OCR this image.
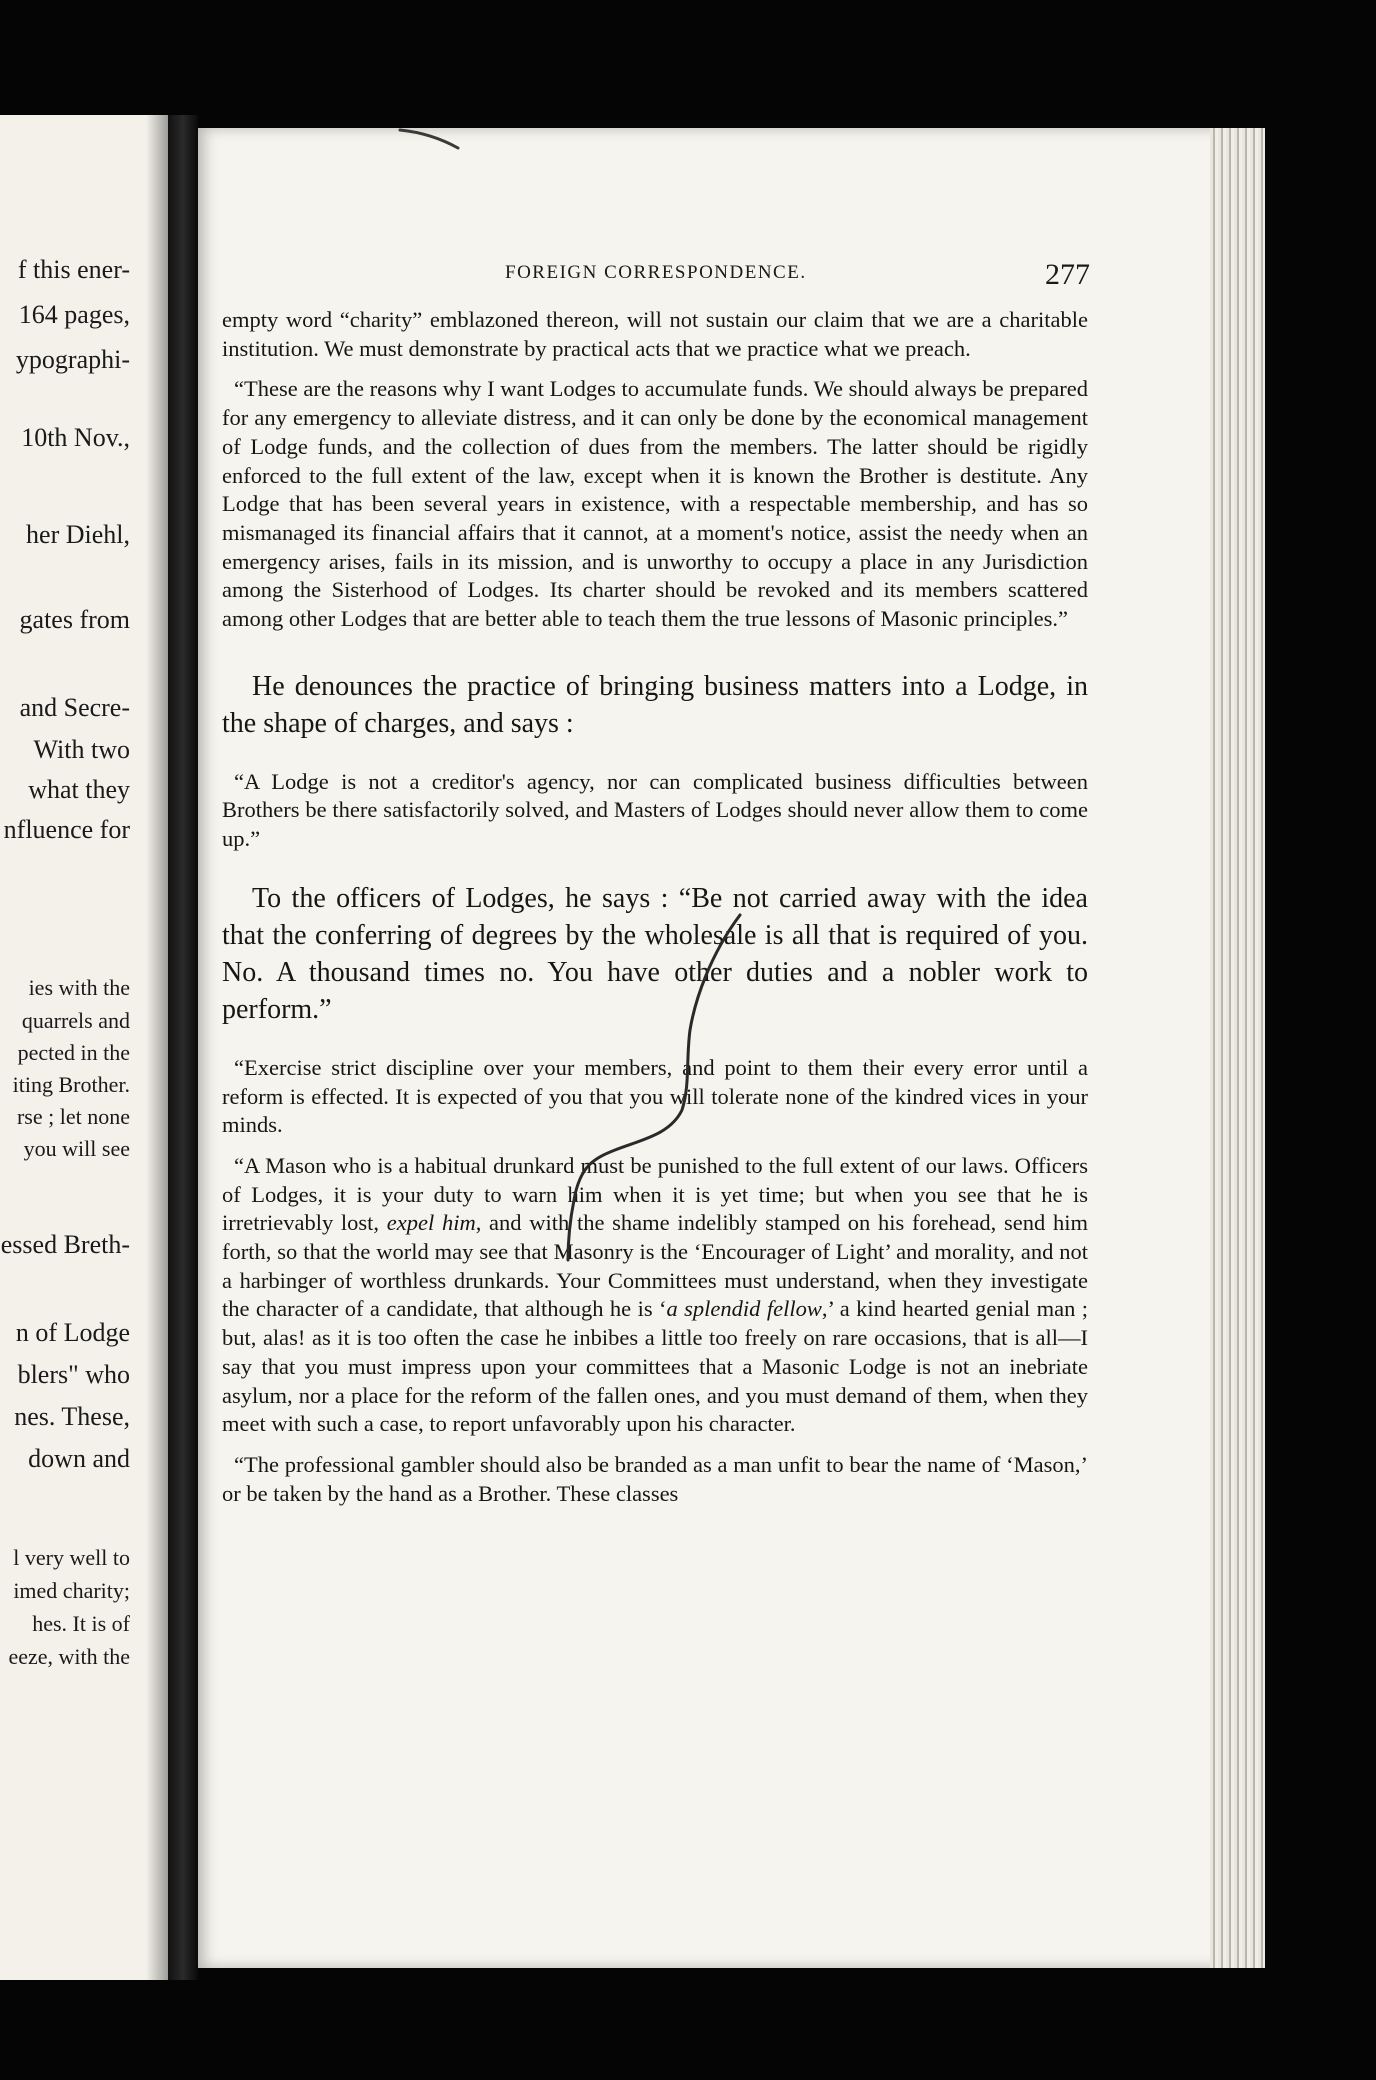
f this ener-
164 pages,
ypographi-
10th Nov.,
her Diehl,
gates from
and Secre-
With two
what they
nfluence for
ies with the
quarrels and
pected in the
iting Brother.
rse ; let none
you will see
essed Breth-
n of Lodge
blers" who
nes. These,
down and
l very well to
imed charity;
hes. It is of
eeze, with the
FOREIGN CORRESPONDENCE.	277

empty word “charity” emblazoned thereon, will not sustain our claim that we are a charitable institution. We must demonstrate by practical acts that we practice what we preach.

“These are the reasons why I want Lodges to accumulate funds. We should always be prepared for any emergency to alleviate distress, and it can only be done by the economical management of Lodge funds, and the collection of dues from the members. The latter should be rigidly enforced to the full extent of the law, except when it is known the Brother is destitute. Any Lodge that has been several years in existence, with a respectable membership, and has so mismanaged its financial affairs that it cannot, at a moment's notice, assist the needy when an emergency arises, fails in its mission, and is unworthy to occupy a place in any Jurisdiction among the Sisterhood of Lodges. Its charter should be revoked and its members scattered among other Lodges that are better able to teach them the true lessons of Masonic principles.”

He denounces the practice of bringing business matters into a Lodge, in the shape of charges, and says :

“A Lodge is not a creditor's agency, nor can complicated business difficulties between Brothers be there satisfactorily solved, and Masters of Lodges should never allow them to come up.”

To the officers of Lodges, he says : “Be not carried away with the idea that the conferring of degrees by the wholesale is all that is required of you. No. A thousand times no. You have other duties and a nobler work to perform.”

“Exercise strict discipline over your members, and point to them their every error until a reform is effected. It is expected of you that you will tolerate none of the kindred vices in your minds.

“A Mason who is a habitual drunkard must be punished to the full extent of our laws. Officers of Lodges, it is your duty to warn him when it is yet time; but when you see that he is irretrievably lost, expel him, and with the shame indelibly stamped on his forehead, send him forth, so that the world may see that Masonry is the ‘Encourager of Light’ and morality, and not a harbinger of worthless drunkards. Your Committees must understand, when they investigate the character of a candidate, that although he is ‘a splendid fellow,’ a kind hearted genial man ; but, alas! as it is too often the case he inbibes a little too freely on rare occasions, that is all—I say that you must impress upon your committees that a Masonic Lodge is not an inebriate asylum, nor a place for the reform of the fallen ones, and you must demand of them, when they meet with such a case, to report unfavorably upon his character.

“The professional gambler should also be branded as a man unfit to bear the name of ‘Mason,’ or be taken by the hand as a Brother. These classes
